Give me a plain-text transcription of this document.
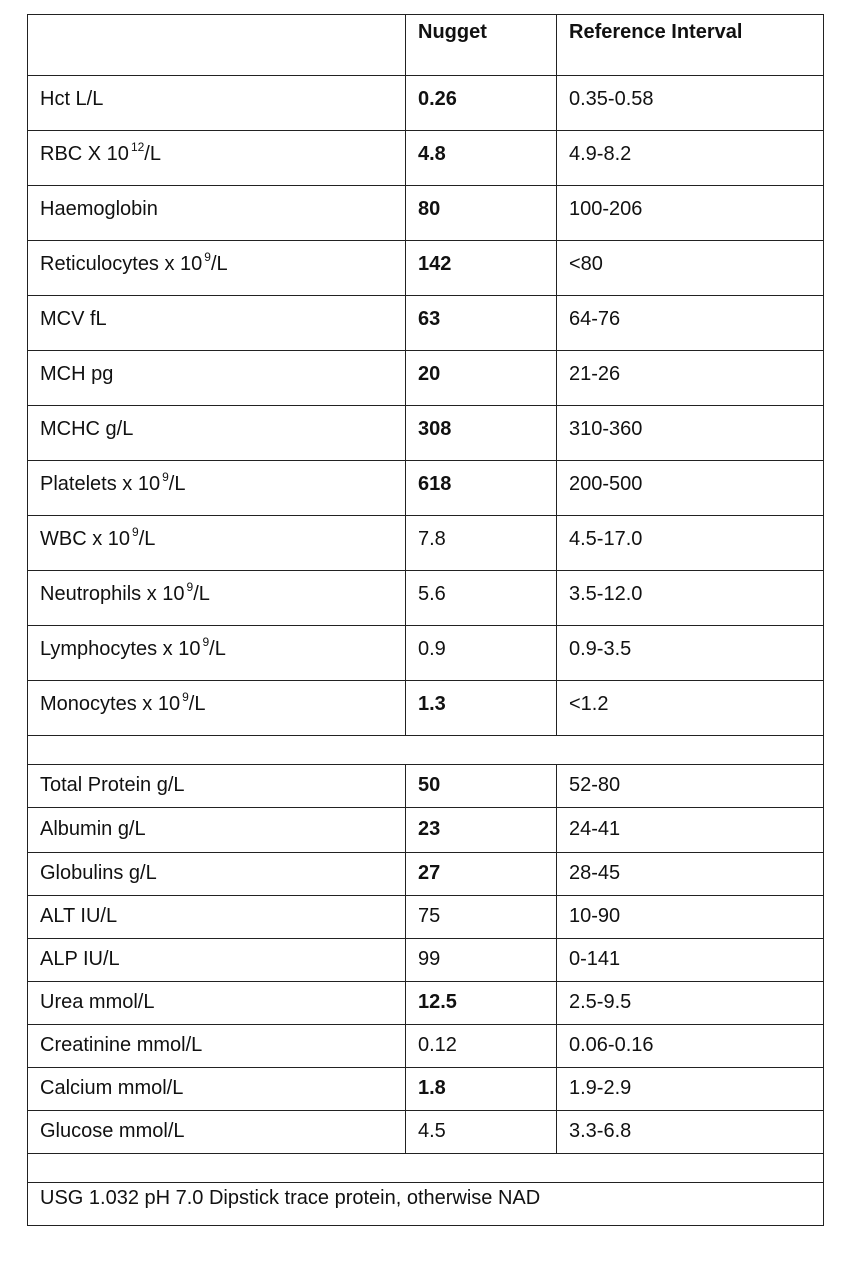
	Nugget	Reference Interval
Hct L/L	0.26	0.35-0.58
RBC X 10 $^{12}$/L	4.8	4.9-8.2
Haemoglobin	80	100-206
Reticulocytes x 10 $^9$/L	142	<80
MCV fL	63	64-76
MCH pg	20	21-26
MCHC g/L	308	310-360
Platelets x 10 $^9$/L	618	200-500
WBC x 10 $^9$/L	7.8	4.5-17.0
Neutrophils x 10 $^9$/L	5.6	3.5-12.0
Lymphocytes x 10 $^9$/L	0.9	0.9-3.5
Monocytes x 10 $^9$/L	1.3	<1.2

Total Protein g/L	50	52-80
Albumin g/L	23	24-41
Globulins g/L	27	28-45
ALT IU/L	75	10-90
ALP IU/L	99	0-141
Urea mmol/L	12.5	2.5-9.5
Creatinine mmol/L	0.12	0.06-0.16
Calcium mmol/L	1.8	1.9-2.9
Glucose mmol/L	4.5	3.3-6.8

USG 1.032 pH 7.0 Dipstick trace protein, otherwise NAD		
